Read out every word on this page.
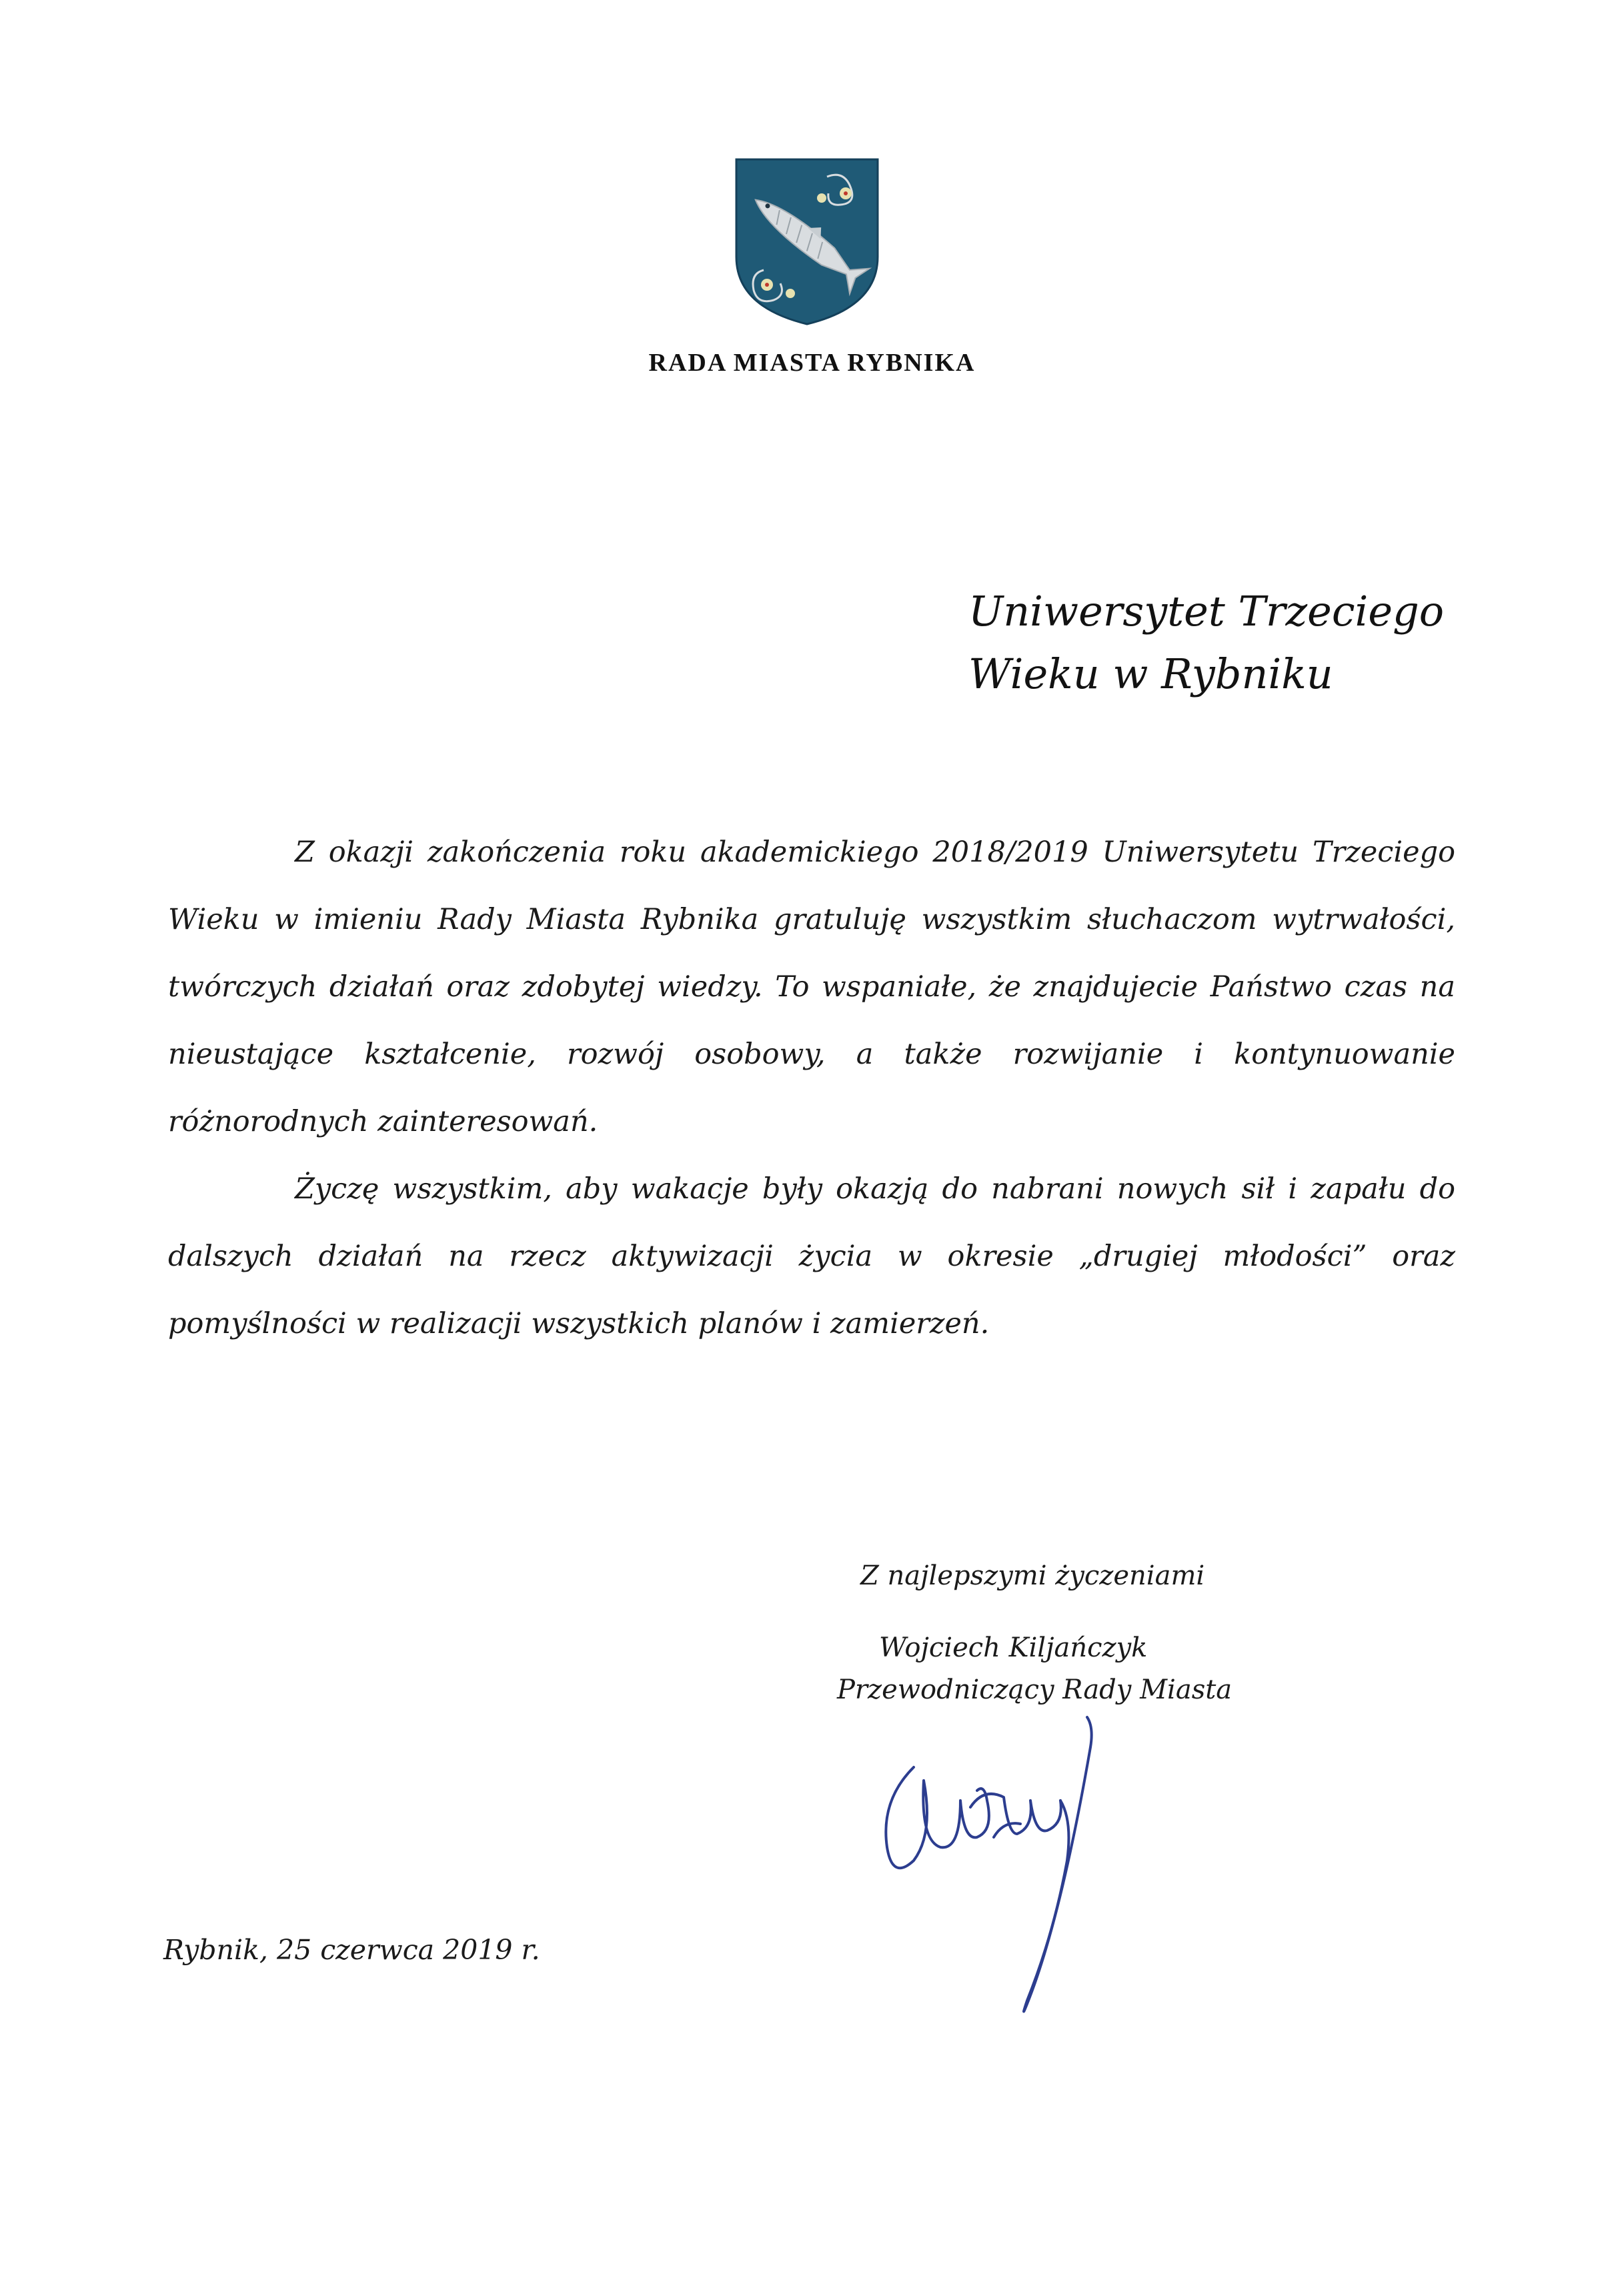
RADA MIASTA RYBNIKA
Uniwersytet Trzeciego
Wieku w Rybniku

Z okazji zakończenia roku akademickiego 2018/2019 Uniwersytetu Trzeciego Wieku w imieniu Rady Miasta Rybnika gratuluję wszystkim słuchaczom wytrwałości, twórczych działań oraz zdobytej wiedzy. To wspaniałe, że znajdujecie Państwo czas na nieustające kształcenie, rozwój osobowy, a także rozwijanie i kontynuowanie różnorodnych zainteresowań.

Życzę wszystkim, aby wakacje były okazją do nabrani nowych sił i zapału do dalszych działań na rzecz aktywizacji życia w okresie „drugiej młodości” oraz pomyślności w realizacji wszystkich planów i zamierzeń.

Z najlepszymi życzeniami
Wojciech Kiljańczyk
Przewodniczący Rady Miasta
Rybnik, 25 czerwca 2019 r.
